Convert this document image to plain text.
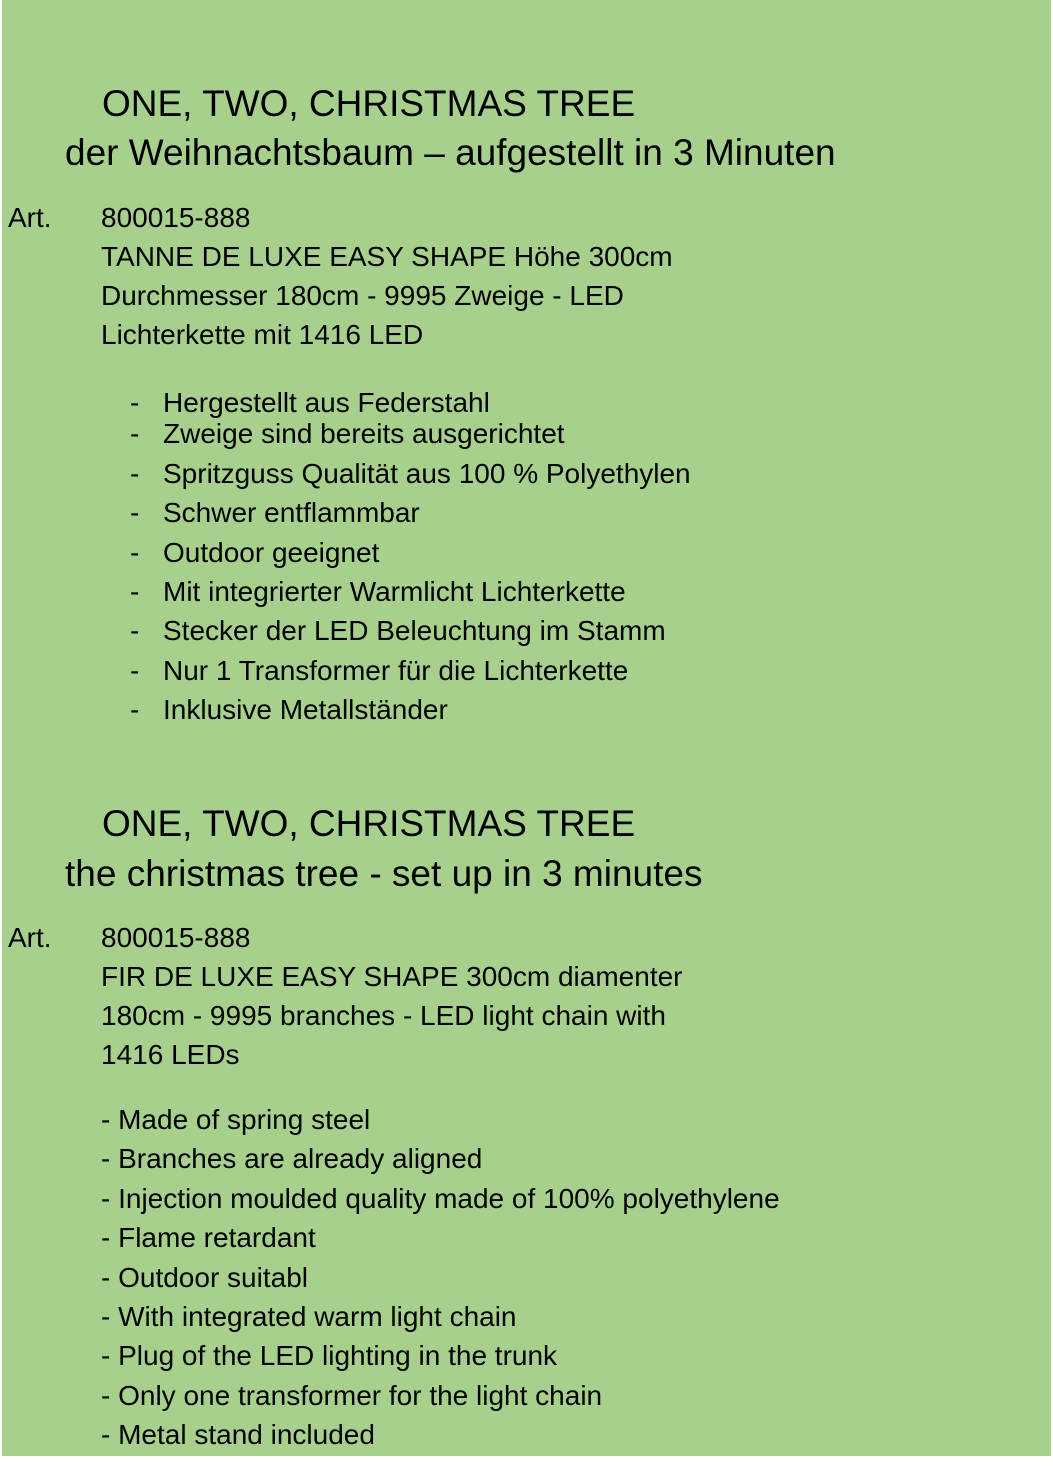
ONE, TWO, CHRISTMAS TREE
der Weihnachtsbaum – aufgestellt in 3 Minuten
Art. 800015-888
TANNE DE LUXE EASY SHAPE Höhe 300cm
Durchmesser 180cm - 9995 Zweige - LED
Lichterkette mit 1416 LED
- Hergestellt aus Federstahl
- Zweige sind bereits ausgerichtet
- Spritzguss Qualität aus 100 % Polyethylen
- Schwer entflammbar
- Outdoor geeignet
- Mit integrierter Warmlicht Lichterkette
- Stecker der LED Beleuchtung im Stamm
- Nur 1 Transformer für die Lichterkette
- Inklusive Metallständer
ONE, TWO, CHRISTMAS TREE
the christmas tree - set up in 3 minutes
Art. 800015-888
FIR DE LUXE EASY SHAPE 300cm diamenter
180cm - 9995 branches - LED light chain with
1416 LEDs
- Made of spring steel
- Branches are already aligned
- Injection moulded quality made of 100% polyethylene
- Flame retardant
- Outdoor suitabl
- With integrated warm light chain
- Plug of the LED lighting in the trunk
- Only one transformer for the light chain
- Metal stand included
